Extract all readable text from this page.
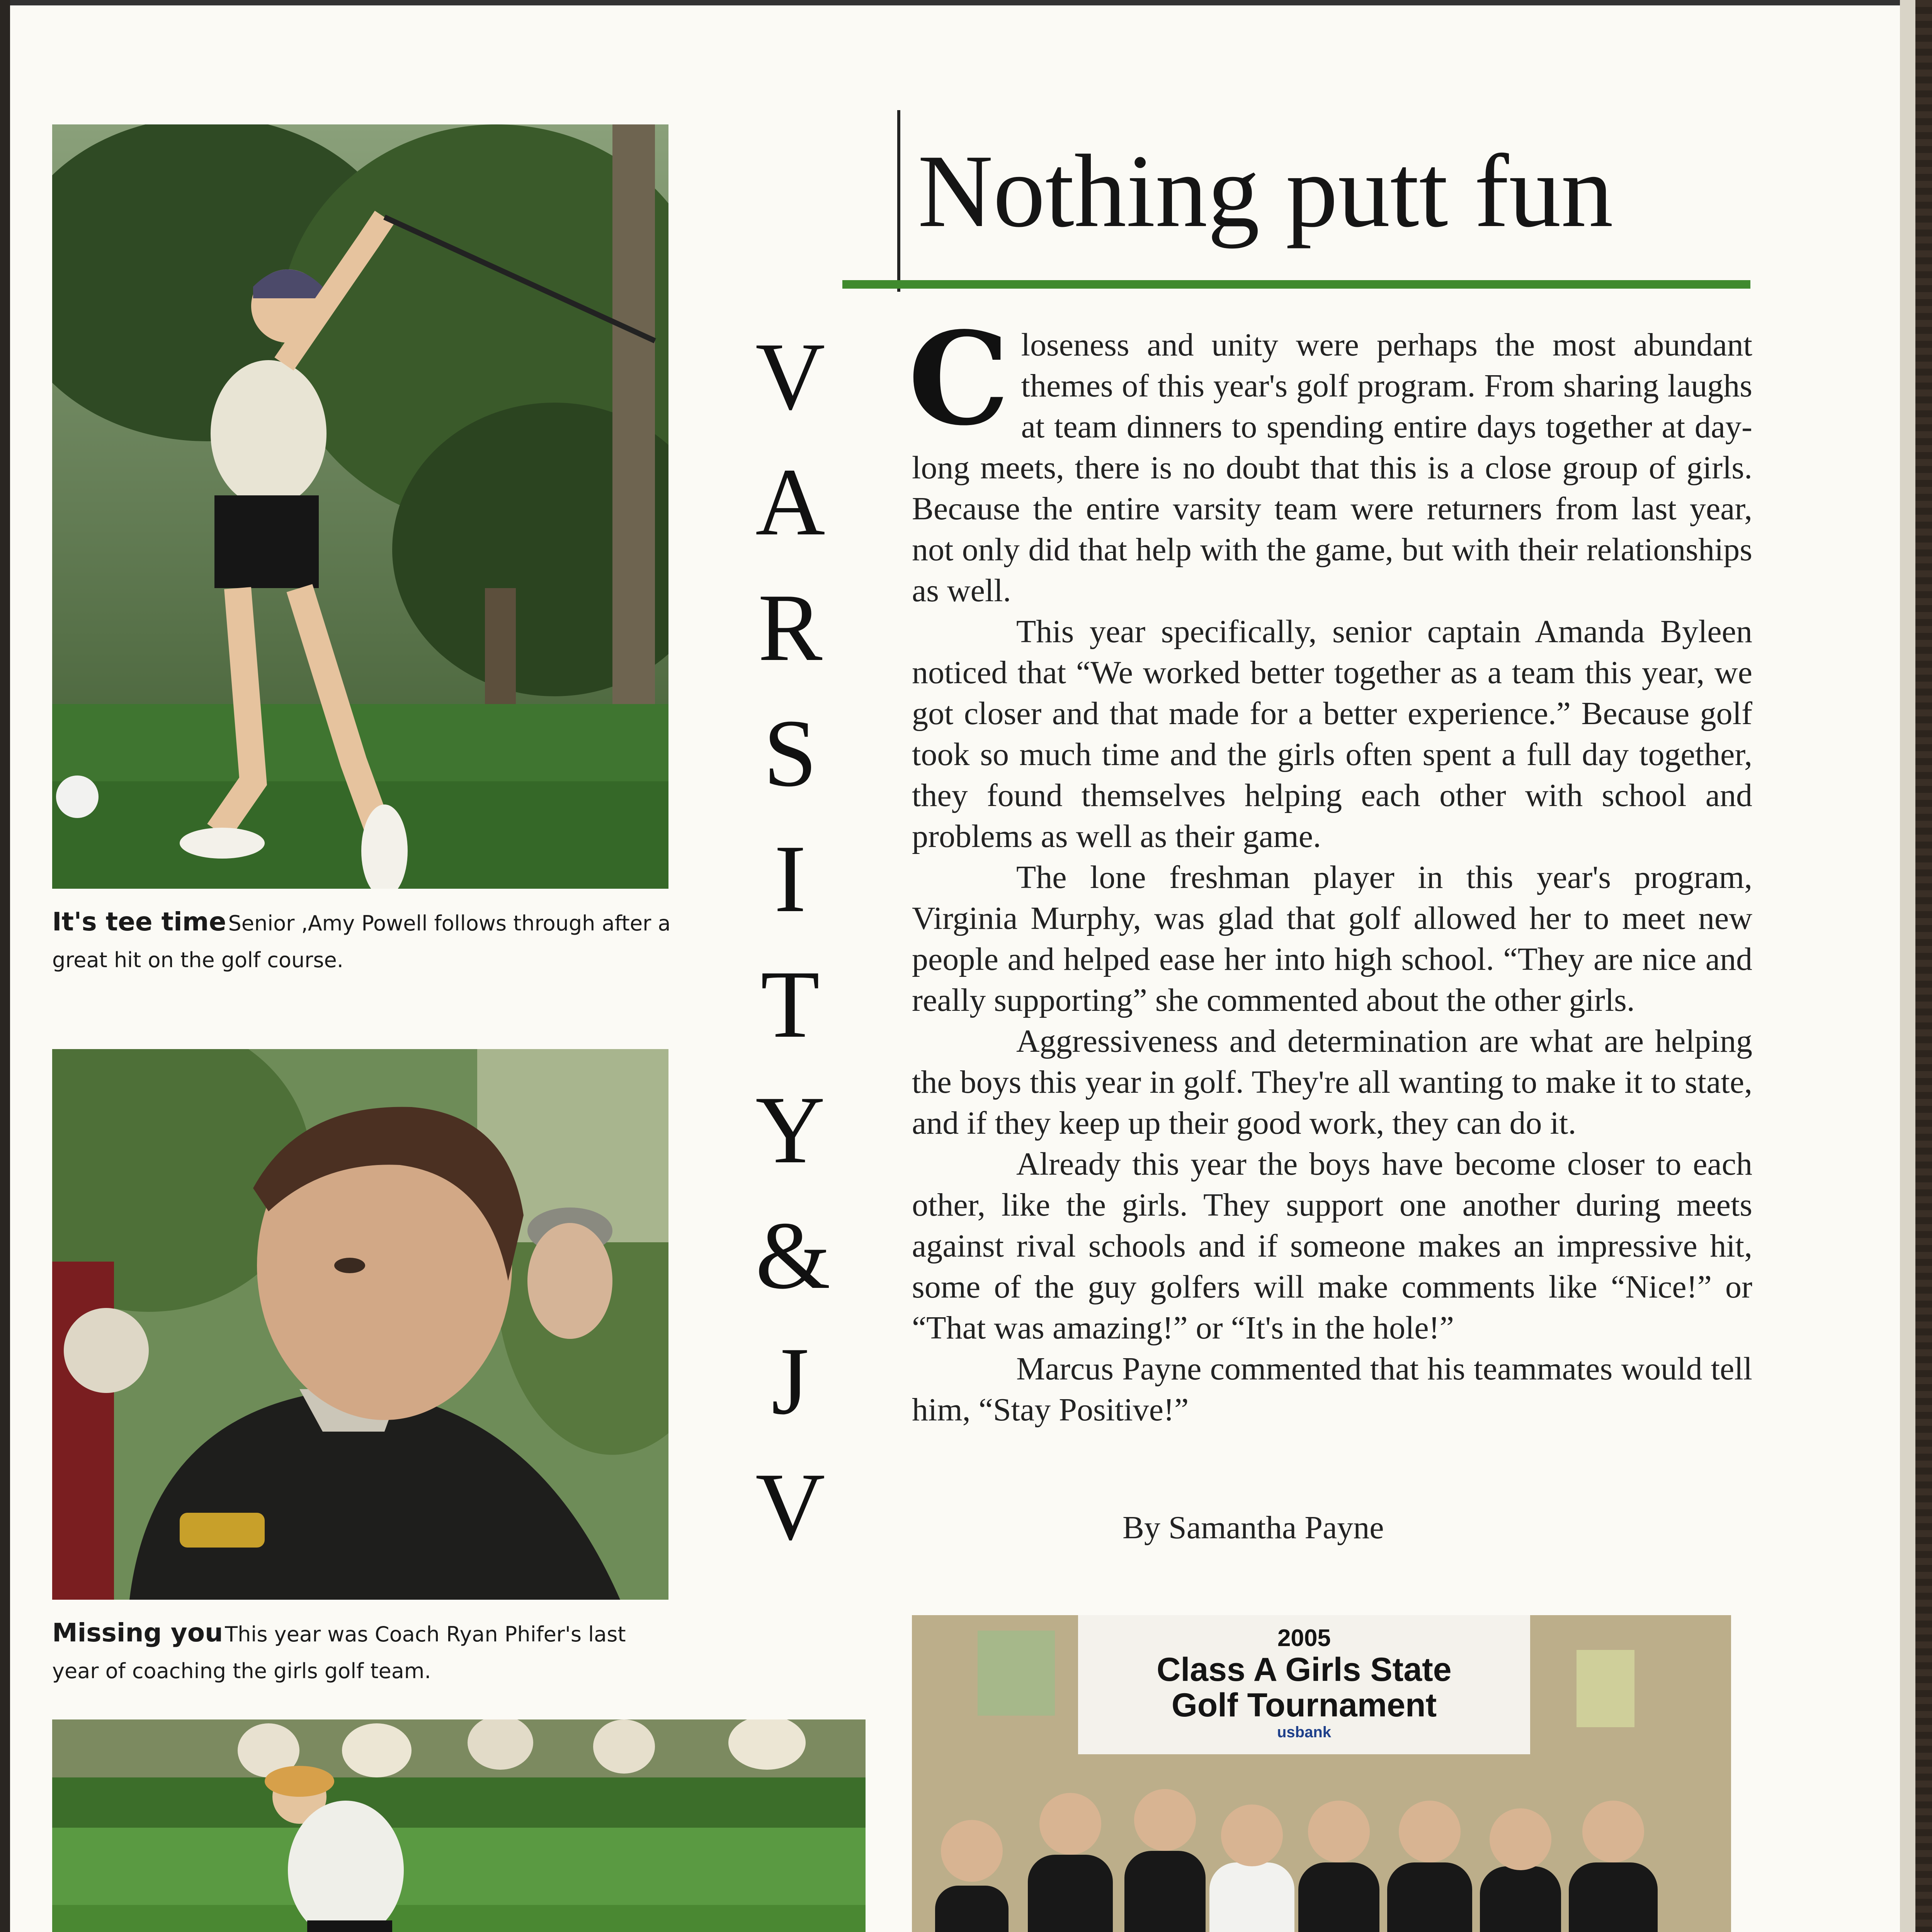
It's tee time Senior ,Amy Powell follows through after a great hit on the golf course.
Missing you This year was Coach Ryan Phifer's last year of coaching the girls golf team.
V
A
R
S
I
T
Y
&
J
V
Nothing putt fun

Closeness and unity were perhaps the most abundant themes of this year's golf program. From sharing laughs at team dinners to spending entire days together at day-long meets, there is no doubt that this is a close group of girls. Because the entire varsity team were returners from last year, not only did that help with the game, but with their relationships as well.

This year specifically, senior captain Amanda Byleen noticed that “We worked better together as a team this year, we got closer and that made for a better experience.” Because golf took so much time and the girls often spent a full day together, they found themselves helping each other with school and problems as well as their game.

The lone freshman player in this year's program, Virginia Murphy, was glad that golf allowed her to meet new people and helped ease her into high school. “They are nice and really supporting” she commented about the other girls.

Aggressiveness and determination are what are helping the boys this year in golf. They're all wanting to make it to state, and if they keep up their good work, they can do it.

Already this year the boys have become closer to each other, like the girls. They support one another during meets against rival schools and if someone makes an impressive hit, some of the guy golfers will make comments like “Nice!” or “That was amazing!” or “It's in the hole!”

Marcus Payne commented that his teammates would tell him, “Stay Positive!”

By Samantha Payne
2005
Class A Girls State
Golf Tournament
usbank
